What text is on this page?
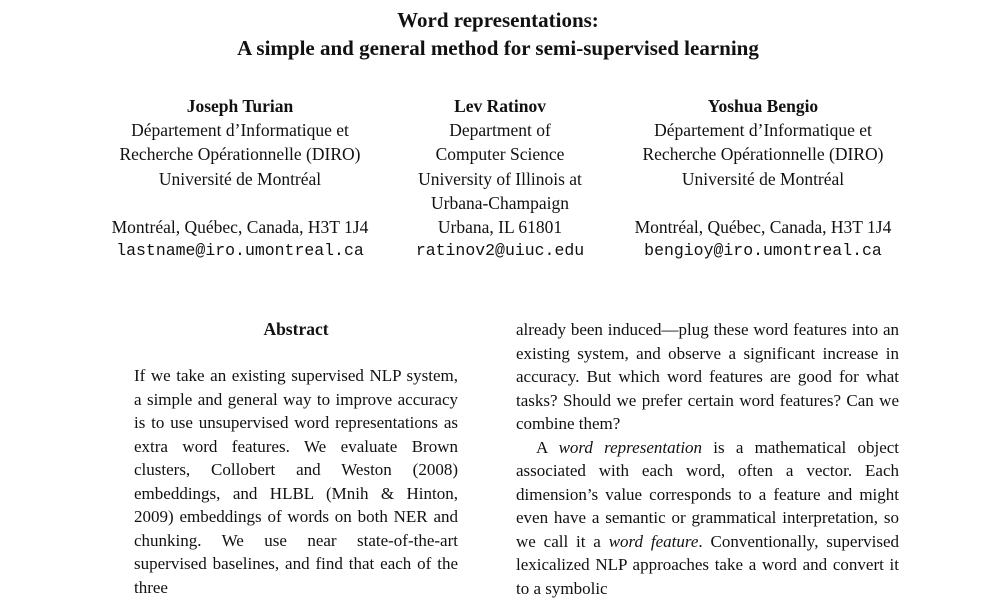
Word representations:
A simple and general method for semi-supervised learning
Joseph Turian
Département d’Informatique et
Recherche Opérationnelle (DIRO)
Université de Montréal
Montréal, Québec, Canada, H3T 1J4
lastname@iro.umontreal.ca
Lev Ratinov
Department of
Computer Science
University of Illinois at
Urbana-Champaign
Urbana, IL 61801
ratinov2@uiuc.edu
Yoshua Bengio
Département d’Informatique et
Recherche Opérationnelle (DIRO)
Université de Montréal
Montréal, Québec, Canada, H3T 1J4
bengioy@iro.umontreal.ca
Abstract

If we take an existing supervised NLP system, a simple and general way to improve accuracy is to use unsupervised word representations as extra word features. We evaluate Brown clusters, Collobert and Weston (2008) embeddings, and HLBL (Mnih & Hinton, 2009) embeddings of words on both NER and chunking. We use near state-of-the-art supervised baselines, and find that each of the three

already been induced—plug these word features into an existing system, and observe a significant increase in accuracy. But which word features are good for what tasks? Should we prefer certain word features? Can we combine them?

A word representation is a mathematical object associated with each word, often a vector. Each dimension’s value corresponds to a feature and might even have a semantic or grammatical interpretation, so we call it a word feature. Conventionally, supervised lexicalized NLP approaches take a word and convert it to a symbolic
